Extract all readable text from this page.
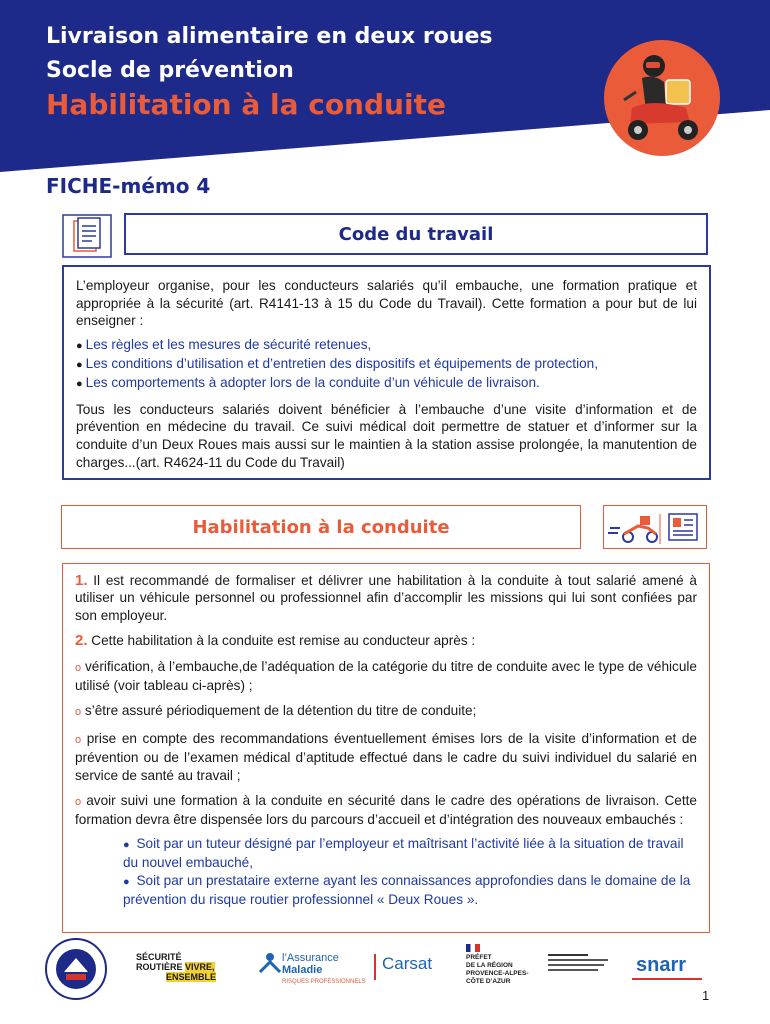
Livraison alimentaire en deux roues
Socle de prévention
Habilitation à la conduite
FICHE-mémo 4
Code du travail

L’employeur organise, pour les conducteurs salariés qu’il embauche, une formation pratique et appropriée à la sécurité (art. R4141-13 à 15 du Code du Travail). Cette formation a pour but de lui enseigner :

● Les règles et les mesures de sécurité retenues,
● Les conditions d’utilisation et d’entretien des dispositifs et équipements de protection,
● Les comportements à adopter lors de la conduite d’un véhicule de livraison.

Tous les conducteurs salariés doivent bénéficier à l’embauche d’une visite d’information et de prévention en médecine du travail. Ce suivi médical doit permettre de statuer et d’informer sur la conduite d’un Deux Roues mais aussi sur le maintien à la station assise prolongée, la manutention de charges...(art. R4624-11 du Code du Travail)

Habilitation à la conduite

1. Il est recommandé de formaliser et délivrer une habilitation à la conduite à tout salarié amené à utiliser un véhicule personnel ou professionnel afin d’accomplir les missions qui lui sont confiées par son employeur.

2. Cette habilitation à la conduite est remise au conducteur après :

o vérification, à l’embauche,de l’adéquation de la catégorie du titre de conduite avec le type de véhicule utilisé (voir tableau ci-après) ;

o s’être assuré périodiquement de la détention du titre de conduite;

o prise en compte des recommandations éventuellement émises lors de la visite d’information et de prévention ou de l’examen médical d’aptitude effectué dans le cadre du suivi individuel du salarié en service de santé au travail ;

o avoir suivi une formation à la conduite en sécurité dans le cadre des opérations de livraison. Cette formation devra être dispensée lors du parcours d’accueil et d’intégration des nouveaux embauchés :

● Soit par un tuteur désigné par l’employeur et maîtrisant l’activité liée à la situation de travail du nouvel embauché,
● Soit par un prestataire externe ayant les connaissances approfondies dans le domaine de la prévention du risque routier professionnel « Deux Roues ».
SÉCURITÉ
ROUTIÈRE VIVRE,
ENSEMBLE
l’Assurance
Maladie
RISQUES PROFESSIONNELS
Carsat	PRÉFET
DE LA RÉGION
PROVENCE-ALPES-
CÔTE D’AZUR
snarr
1
